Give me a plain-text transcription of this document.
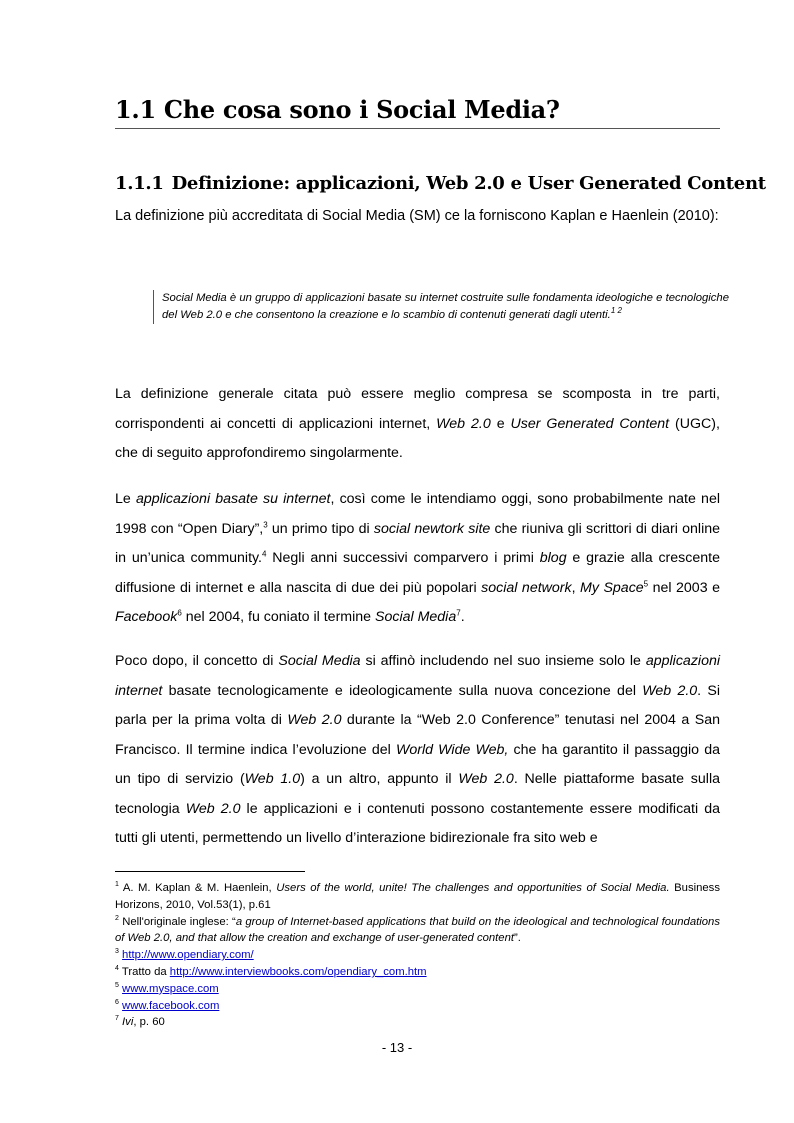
1.1 Che cosa sono i Social Media?
1.1.1 Definizione: applicazioni, Web 2.0 e User Generated Content
La definizione più accreditata di Social Media (SM) ce la forniscono Kaplan e Haenlein (2010):
Social Media è un gruppo di applicazioni basate su internet costruite sulle fondamenta ideologiche e tecnologiche del Web 2.0 e che consentono la creazione e lo scambio di contenuti generati dagli utenti.$^{1 2}$
La definizione generale citata può essere meglio compresa se scomposta in tre parti, corrispondenti ai concetti di applicazioni internet, Web 2.0 e User Generated Content (UGC), che di seguito approfondiremo singolarmente.
Le applicazioni basate su internet, così come le intendiamo oggi, sono probabilmente nate nel 1998 con “Open Diary”,$^3$ un primo tipo di social newtork site che riuniva gli scrittori di diari online in un’unica community.$^4$ Negli anni successivi comparvero i primi blog e grazie alla crescente diffusione di internet e alla nascita di due dei più popolari social network, My Space$^5$ nel 2003 e Facebook$^6$ nel 2004, fu coniato il termine Social Media$^7$.
Poco dopo, il concetto di Social Media si affinò includendo nel suo insieme solo le applicazioni internet basate tecnologicamente e ideologicamente sulla nuova concezione del Web 2.0. Si parla per la prima volta di Web 2.0 durante la “Web 2.0 Conference” tenutasi nel 2004 a San Francisco. Il termine indica l’evoluzione del World Wide Web, che ha garantito il passaggio da un tipo di servizio (Web 1.0) a un altro, appunto il Web 2.0. Nelle piattaforme basate sulla tecnologia Web 2.0 le applicazioni e i contenuti possono costantemente essere modificati da tutti gli utenti, permettendo un livello d’interazione bidirezionale fra sito web e
$^1$ A. M. Kaplan & M. Haenlein, Users of the world, unite! The challenges and opportunities of Social Media. Business Horizons, 2010, Vol.53(1), p.61
$^2$ Nell'originale inglese: “a group of Internet-based applications that build on the ideological and technological foundations of Web 2.0, and that allow the creation and exchange of user-generated content”.
$^3$ http://www.opendiary.com/
$^4$ Tratto da http://www.interviewbooks.com/opendiary_com.htm
$^5$ www.myspace.com
$^6$ www.facebook.com
$^7$ Ivi, p. 60
- 13 -
